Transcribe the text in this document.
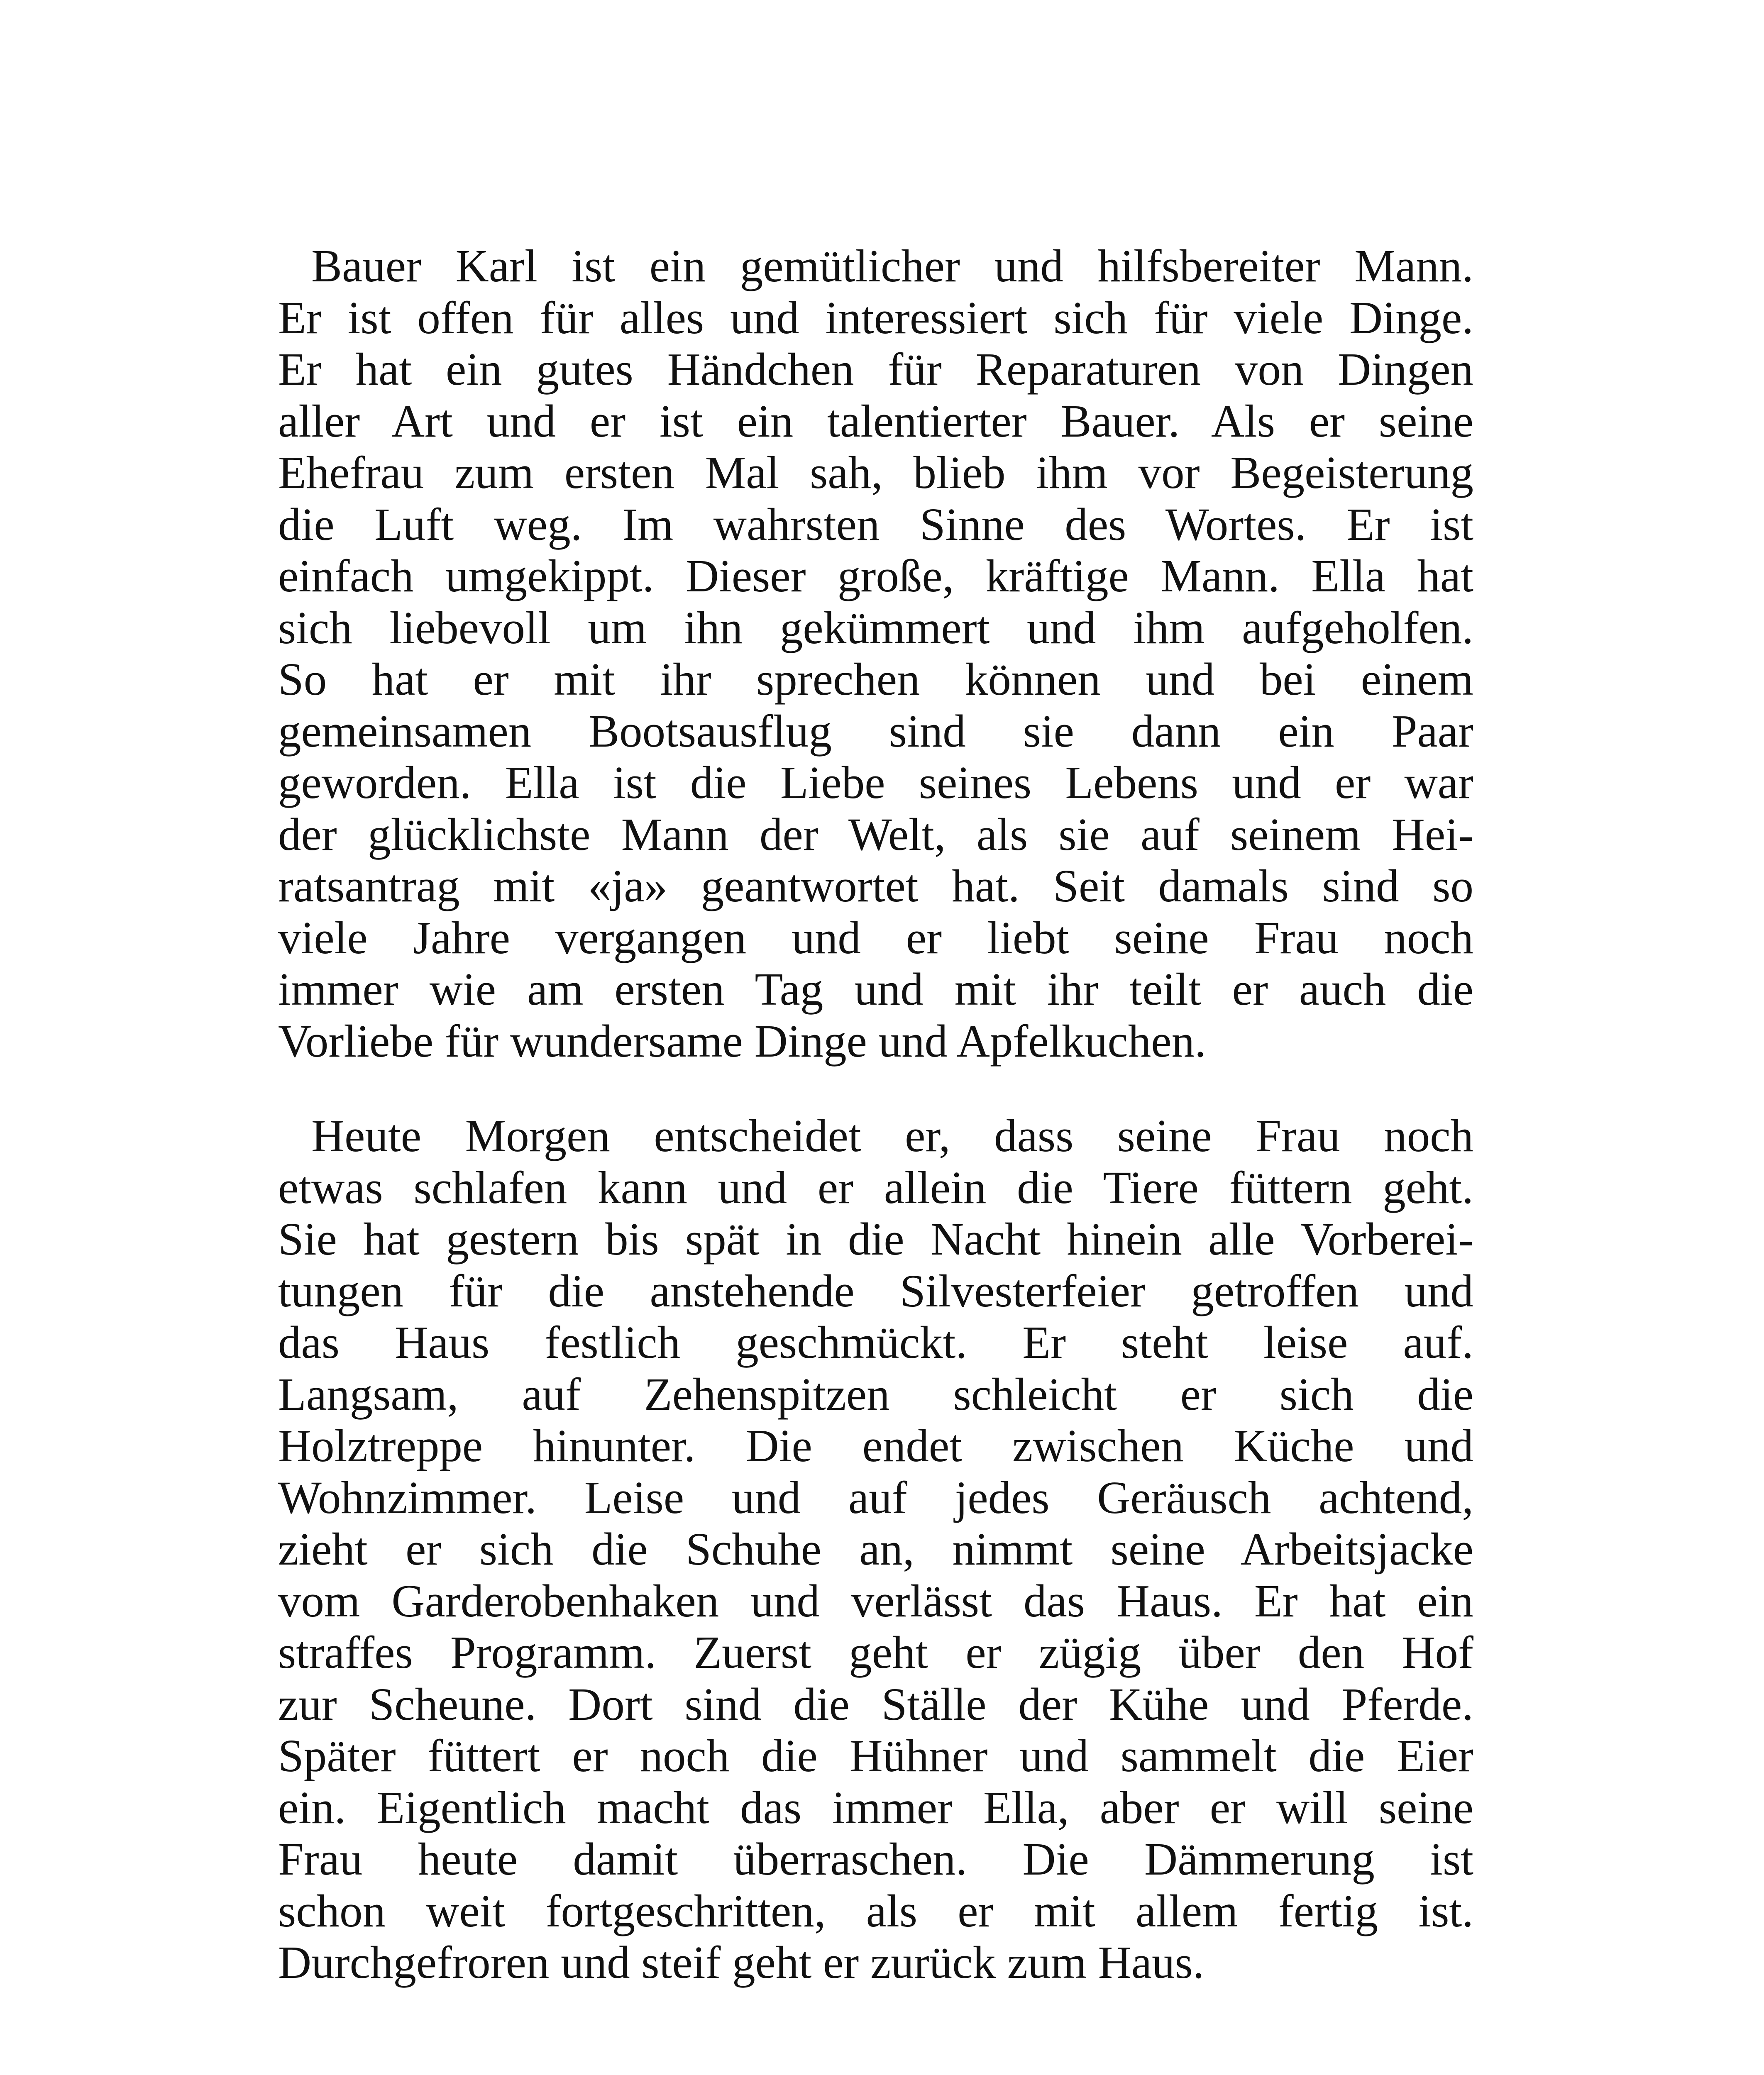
Bauer Karl ist ein gemütlicher und hilfsbereiter Mann.
Er ist offen für alles und interessiert sich für viele Dinge.
Er hat ein gutes Händchen für Reparaturen von Dingen
aller Art und er ist ein talentierter Bauer. Als er seine
Ehefrau zum ersten Mal sah, blieb ihm vor Begeisterung
die Luft weg. Im wahrsten Sinne des Wortes. Er ist
einfach umgekippt. Dieser große, kräftige Mann. Ella hat
sich liebevoll um ihn gekümmert und ihm aufgeholfen.
So hat er mit ihr sprechen können und bei einem
gemeinsamen Bootsausflug sind sie dann ein Paar
geworden. Ella ist die Liebe seines Lebens und er war
der glücklichste Mann der Welt, als sie auf seinem Hei-
ratsantrag mit «ja» geantwortet hat. Seit damals sind so
viele Jahre vergangen und er liebt seine Frau noch
immer wie am ersten Tag und mit ihr teilt er auch die
Vorliebe für wundersame Dinge und Apfelkuchen.
Heute Morgen entscheidet er, dass seine Frau noch
etwas schlafen kann und er allein die Tiere füttern geht.
Sie hat gestern bis spät in die Nacht hinein alle Vorberei-
tungen für die anstehende Silvesterfeier getroffen und
das Haus festlich geschmückt. Er steht leise auf.
Langsam, auf Zehenspitzen schleicht er sich die
Holztreppe hinunter. Die endet zwischen Küche und
Wohnzimmer. Leise und auf jedes Geräusch achtend,
zieht er sich die Schuhe an, nimmt seine Arbeitsjacke
vom Garderobenhaken und verlässt das Haus. Er hat ein
straffes Programm. Zuerst geht er zügig über den Hof
zur Scheune. Dort sind die Ställe der Kühe und Pferde.
Später füttert er noch die Hühner und sammelt die Eier
ein. Eigentlich macht das immer Ella, aber er will seine
Frau heute damit überraschen. Die Dämmerung ist
schon weit fortgeschritten, als er mit allem fertig ist.
Durchgefroren und steif geht er zurück zum Haus.
